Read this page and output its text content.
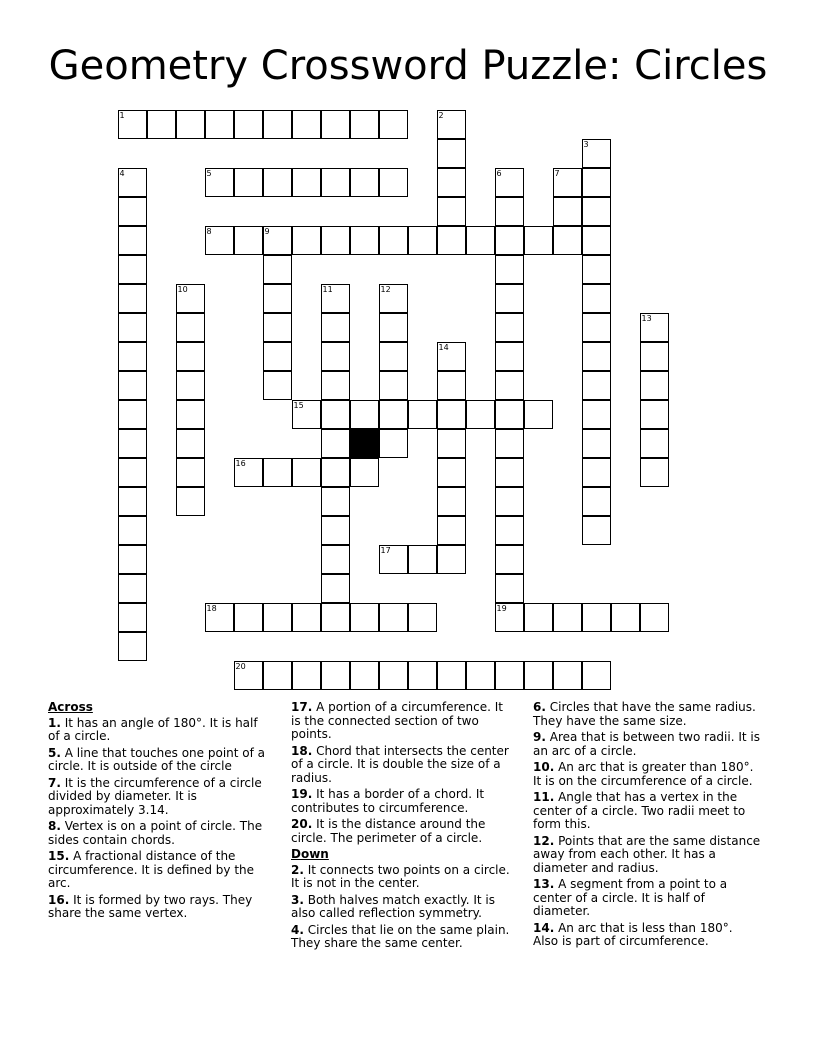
Geometry Crossword Puzzle: Circles
1	2
3
4	5	6	7
8	9
10	11	12
13
14
15
16
17
18	19
20
Across
1. It has an angle of 180°. It is half of a circle.
5. A line that touches one point of a circle. It is outside of the circle
7. It is the circumference of a circle divided by diameter. It is approximately 3.14.
8. Vertex is on a point of circle. The sides contain chords.
15. A fractional distance of the circumference. It is defined by the arc.
16. It is formed by two rays. They share the same vertex.
17. A portion of a circumference. It is the connected section of two points.
18. Chord that intersects the center of a circle. It is double the size of a radius.
19. It has a border of a chord. It contributes to circumference.
20. It is the distance around the circle. The perimeter of a circle.
Down
2. It connects two points on a circle. It is not in the center.
3. Both halves match exactly. It is also called reflection symmetry.
4. Circles that lie on the same plain. They share the same center.
6. Circles that have the same radius. They have the same size.
9. Area that is between two radii. It is an arc of a circle.
10. An arc that is greater than 180°. It is on the circumference of a circle.
11. Angle that has a vertex in the center of a circle. Two radii meet to form this.
12. Points that are the same distance away from each other. It has a diameter and radius.
13. A segment from a point to a center of a circle. It is half of diameter.
14. An arc that is less than 180°. Also is part of circumference.
